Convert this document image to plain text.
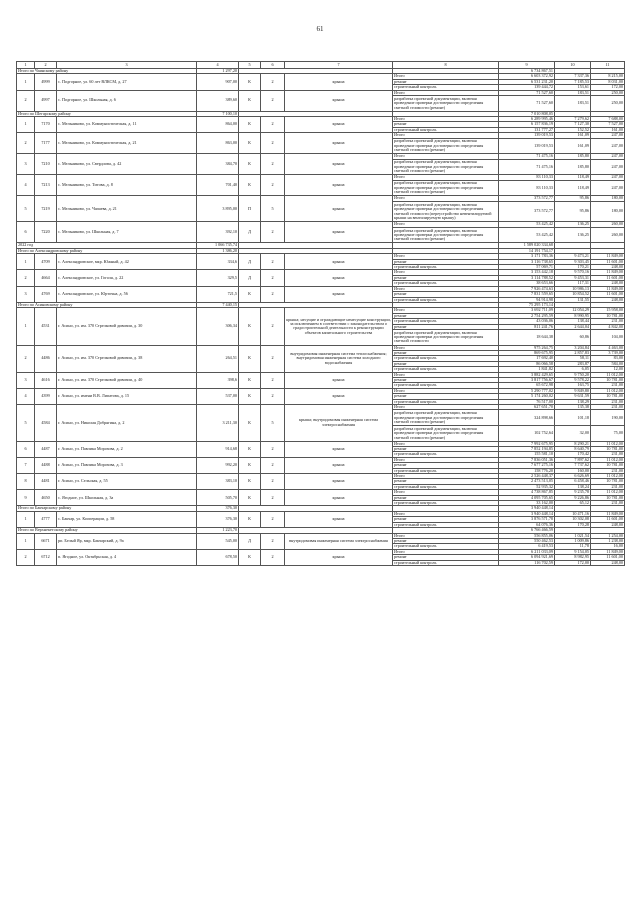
61
1	2	3	4	5	6	7	8	9	10	11
Итого по Чаинскому району			1 297,20					6 734 867,51		
1	4999	с. Подгорное, ул. 60 лет ВЛКСМ, д. 27	907,00	К	2	крыша	Итого	6 603 372,92	7 337,36	8 215,00
							ремонт	6 531 231,20	7 185,53	8 031,00
							строительный контроль	139 444,72	153,61	172,00
2	4997	с. Подгорное, ул. Школьная, д. 6	389,60	К	2	крыша	Итого	71 527,60	183,51	250,00
							разработка проектной документации, включая проведение проверки достоверности определения сметной стоимости (ремонт)	71 527,60	183,51	250,00
Итого по Шегарскому району			7 100,10					7 010 808,05		
1	7170	с. Мельниково, ул. Коммунистическая, д. 11	864,00	К	2	крыша	Итого	6 289 995,46	7 279,62	7 688,00
							ремонт	6 157 836,19	7 127,30	7 527,00
							строительный контроль	131 777,27	152,52	161,00
2	7177	с. Мельниково, ул. Коммунистическая, д. 21	863,00	К	2	крыша	Итого	139 019,53	161,09	247,00
							разработка проектной документации, включая проведение проверки достоверности определения сметной стоимости (ремонт)	139 019,53	161,09	247,00
3	7210	с. Мельниково, ул. Свердлова, д. 42	384,70	К	2	крыша	Итого	71 475,16	185,80	247,00
							разработка проектной документации, включая проведение проверки достоверности определения сметной стоимости (ремонт)	71 475,16	185,80	247,00
4	7213	с. Мельниково, ул. Титова, д. 8	701,40	К	2	крыша	Итого	83 110,33	118,49	247,00
							разработка проектной документации, включая проведение проверки достоверности определения сметной стоимости (ремонт)	83 110,33	118,49	247,00
5	7219	с. Мельниково, ул. Чапаева, д. 21	3 895,00	П	5	крыша	Итого	373 572,77	95,86	180,00
							разработка проектной документации, включая проведение проверки достоверности определения сметной стоимости (переустройство невентилируемой крыши на вентилируемую крышу)	373 572,77	95,86	180,00
6	7220	с. Мельниково, ул. Школьная, д. 7	392,10	Д	2	крыша	Итого	53 425,42	136,25	260,00
							разработка проектной документации, включая проведение проверки достоверности определения сметной стоимости (ремонт)	53 425,42	136,25	260,00
2022 год			1 066 735,74					1 589 020 334,68		
Итого по Александровскому району			1 386,20					14 191 754,17		
1	4709	с. Александровское, мкр. Южный, д. 42	334,6	Д	2	крыша	Итого	3 171 783,36	9 473,21	11 849,00
							ремонт	3 116 738,65	9 303,45	11 601,00
							строительный контроль	57 069,71	170,21	248,00
2	4664	с. Александровское, ул. Гоголя, д. 22	329,5	Д	2	крыша	Итого	3 153 442,18	9 570,16	11 849,00
							ремонт	3 114 788,52	9 453,31	11 601,00
							строительный контроль	38 653,66	117,31	248,00
3	4769	с. Александровское, ул. Юрточна, д. 56	721,5	К	2	крыша	Итого	7 926 474,63	10 986,13	11 849,00
							ремонт	7 831 559,65	10 854,52	11 601,00
							строительный контроль	94 914,98	131,55	248,00
Итого по Асиновскому району			7 440,15					75 295 173,14		
1	4531	г. Асино, ул. им. 370 Стрелковой дивизии, д. 30	306,34	К	2	крыша; несущие и ограждающие ненесущие конструкции, за исключением в соответствии с законодательством о градостроительной деятельности к реконструкции объектов капитального строительства	Итого	3 692 711,09	12 054,29	15 958,00
							ремонт	2 754 295,59	8 990,95	10 781,00
							строительный контроль	43 036,06	138,44	231,00
							ремонт	811 241,76	2 644,04	4 842,00
							разработка проектной документации, включая проведение проверки достоверности определения сметной стоимости	18 644,38	60,86	104,00
2	4486	г. Асино, ул. им. 370 Стрелковой дивизии, д. 38	264,51	К	2	внутридомовая инженерная система теплоснабжения; внутридомовая инженерная система холодного водоснабжения	Итого	975 264,75	3 204,84	4 463,00
							ремонт	869 675,95	2 857,83	3 739,00
							строительный контроль	17 692,40	58,11	83,00
							ремонт	86 066,58	283,87	584,00
							строительный контроль	1 841,82	6,05	12,00
3	4616	г. Асино, ул. им. 370 Стрелковой дивизии, д. 40	398,6	К	2	крыша	Итого	3 882 429,65	9 750,20	11 012,00
							ремонт	3 817 756,67	9 578,22	10 781,00
							строительный контроль	65 672,98	163,75	231,00
4	4399	г. Асино, ул. имени В.В. Липатова, д. 15	537,00	К	2	крыша	Итого	5 290 777,02	9 849,80	11 012,00
							ремонт	5 174 260,02	9 631,59	10 781,00
							строительный контроль	76 517,00	138,29	231,00
5	4584	г. Асино, ул. Николая Добрягина, д. 2	3 211,30	К	5	крыша; внутридомовая инженерная система электроснабжения	Итого	627 651,70	135,38	231,00
							разработка проектной документации, включая проведение проверки достоверности определения сметной стоимости (ремонт)	324 898,66	101,18	190,00
							разработка проектной документации, включая проведение проверки достоверности определения сметной стоимости (ремонт)	102 752,64	32,00	75,00
6	4487	г. Асино, ул. Павлика Морозова, д. 2	914,68	К	2	крыша	Итого	7 992 675,95	8 290,21	11 012,00
							ремонт	7 852 194,85	8 640,79	10 781,00
							строительный контроль	155 581,10	170,42	231,00
7	4488	г. Асино, ул. Павлика Морозова, д. 3	992,20	К	2	крыша	Итого	7 836 051,36	7 897,62	11 012,00
							ремонт	7 677 275,16	7 737,62	10 781,00
							строительный контроль	158 776,20	160,00	231,00
8	4481	г. Асино, ул. Сельская, д. 55	383,10	К	2	крыша	Итого	2 526 448,37	6 626,69	11 012,00
							ремонт	2 473 513,05	6 458,46	10 781,00
							строительный контроль	52 935,32	138,24	231,00
9	4650	с. Ягодное, ул. Школьная, д. 3а	505,70	К	2	крыша	Итого	4 738 867,85	9 235,78	11 012,00
							ремонт	4 095 705,65	9 226,86	10 781,00
							строительный контроль	33 162,00	65,12	231,00
Итого по Бакчарскому району			376,30					3 940 448,14		
1	4777	с. Бакчар, ул. Кооперации, д. 58	376,30	К	2	крыша	Итого	3 940 448,14	10 471,16	11 849,00
							ремонт	3 876 571,78	10 302,08	11 601,00
							строительный контроль	64 076,36	170,28	248,00
Итого по Верхнекетскому району			1 223,70					6 766 466,59		
1	6671	рп. Белый Яр, мкр. Бакчарский, д. 9а	545,00	Д	2	внутридомовая инженерная система электроснабжения	Итого	556 855,06	1 021,54	1 254,00
							ремонт	550 462,53	1 009,86	1 238,00
							строительный контроль	6 419,53	11,78	16,00
2	6712	п. Ягодное, ул. Октябрьская, д. 4	678,50	К	2	крыша	Итого	6 211 033,09	9 154,05	11 849,00
							ремонт	6 094 921,69	8 982,95	11 601,00
							строительный контроль	116 702,59	172,00	248,00
